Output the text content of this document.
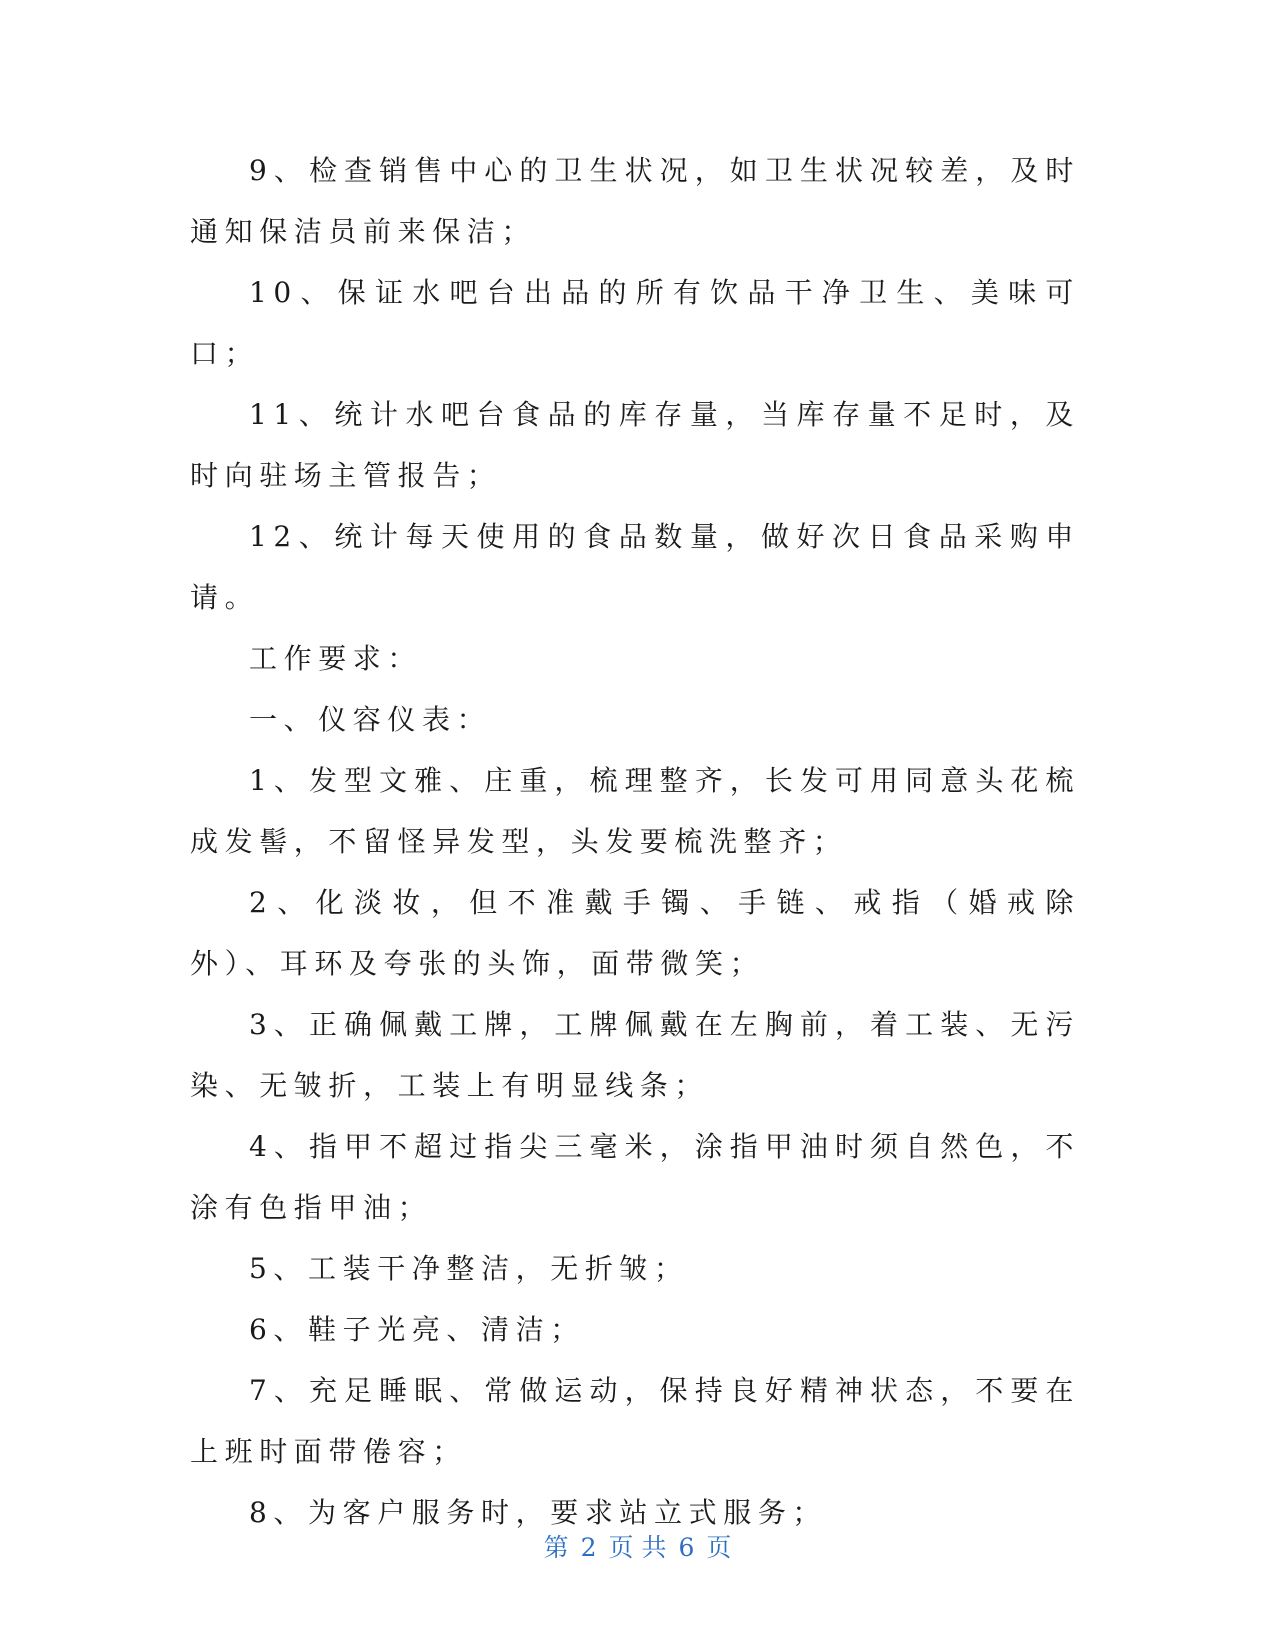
9、检查销售中心的卫生状况，如卫生状况较差，及时通知保洁员前来保洁；

10、保证水吧台出品的所有饮品干净卫生、美味可口；

11、统计水吧台食品的库存量，当库存量不足时，及时向驻场主管报告；

12、统计每天使用的食品数量，做好次日食品采购申请。

工作要求：

一、仪容仪表：

1、发型文雅、庄重，梳理整齐，长发可用同意头花梳成发髻，不留怪异发型，头发要梳洗整齐；

2、化淡妆，但不准戴手镯、手链、戒指（婚戒除外）、耳环及夸张的头饰，面带微笑；

3、正确佩戴工牌，工牌佩戴在左胸前，着工装、无污染、无皱折，工装上有明显线条；

4、指甲不超过指尖三毫米，涂指甲油时须自然色，不涂有色指甲油；

5、工装干净整洁，无折皱；

6、鞋子光亮、清洁；

7、充足睡眠、常做运动，保持良好精神状态，不要在上班时面带倦容；

8、为客户服务时，要求站立式服务；

第 2 页 共 6 页
